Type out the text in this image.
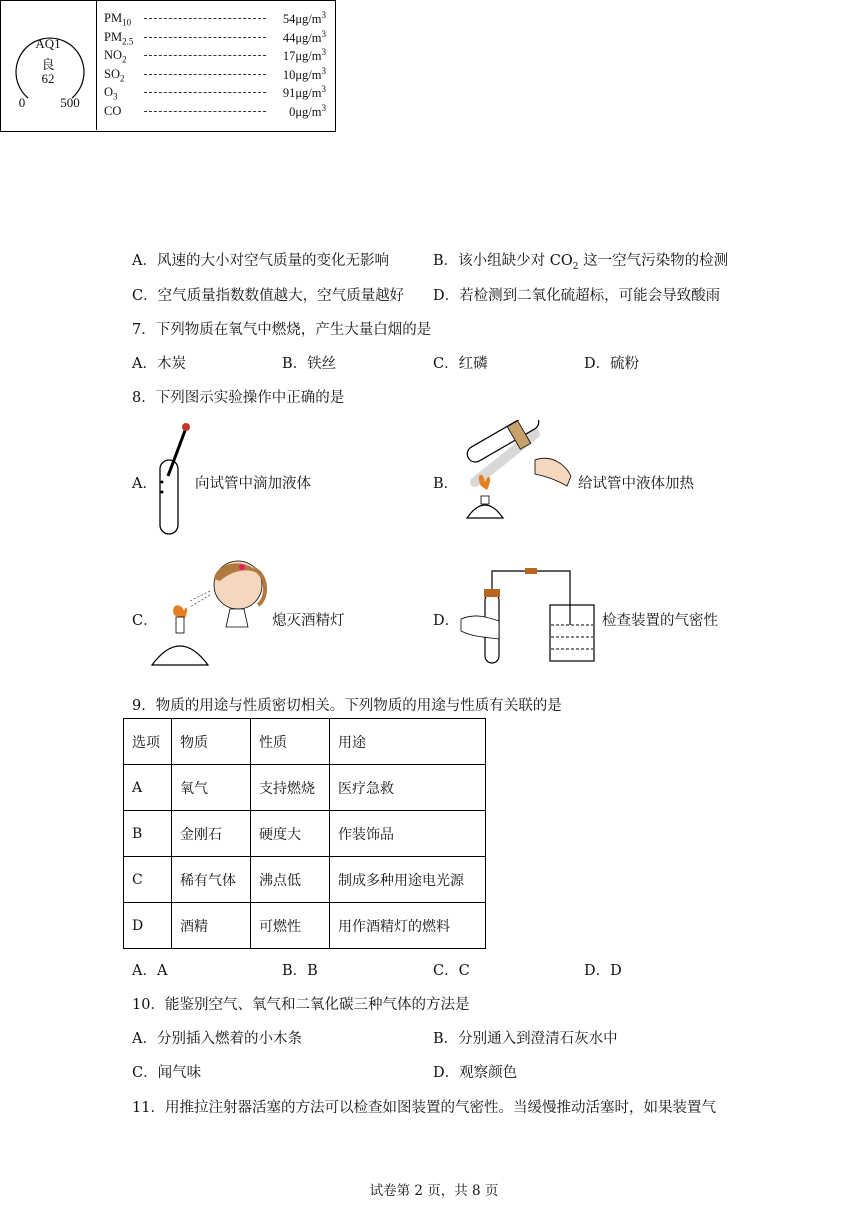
AQ1
良
62
0	500
$PM_{10}$	$54\mu g/m^3$
$PM_{2.5}$	$44\mu g/m^3$
$NO_2$	$17\mu g/m^3$
$SO_2$	$10\mu g/m^3$
$O_3$	$91\mu g/m^3$
CO	$0\mu g/m^3$
A．风速的大小对空气质量的变化无影响	B．该小组缺少对 $CO_2$ 这一空气污染物的检测
C．空气质量指数数值越大，空气质量越好 D．若检测到二氧化硫超标，可能会导致酸雨
7．下列物质在氧气中燃烧，产生大量白烟的是
A．木炭	B．铁丝	C．红磷	D．硫粉
8．下列图示实验操作中正确的是
A．	向试管中滴加液体	B．	给试管中液体加热
C．	熄灭酒精灯	D．	检查装置的气密性
9．物质的用途与性质密切相关。下列物质的用途与性质有关联的是
选项	物质	性质	用途
A	氧气	支持燃烧	医疗急救
B	金刚石	硬度大	作装饰品
C	稀有气体	沸点低	制成多种用途电光源
D	酒精	可燃性	用作酒精灯的燃料
A．A	B．B	C．C	D．D
10．能鉴别空气、氧气和二氧化碳三种气体的方法是
A．分别插入燃着的小木条	B．分别通入到澄清石灰水中
C．闻气味	D．观察颜色
11．用推拉注射器活塞的方法可以检查如图装置的气密性。当缓慢推动活塞时，如果装置气
试卷第 2 页，共 8 页
